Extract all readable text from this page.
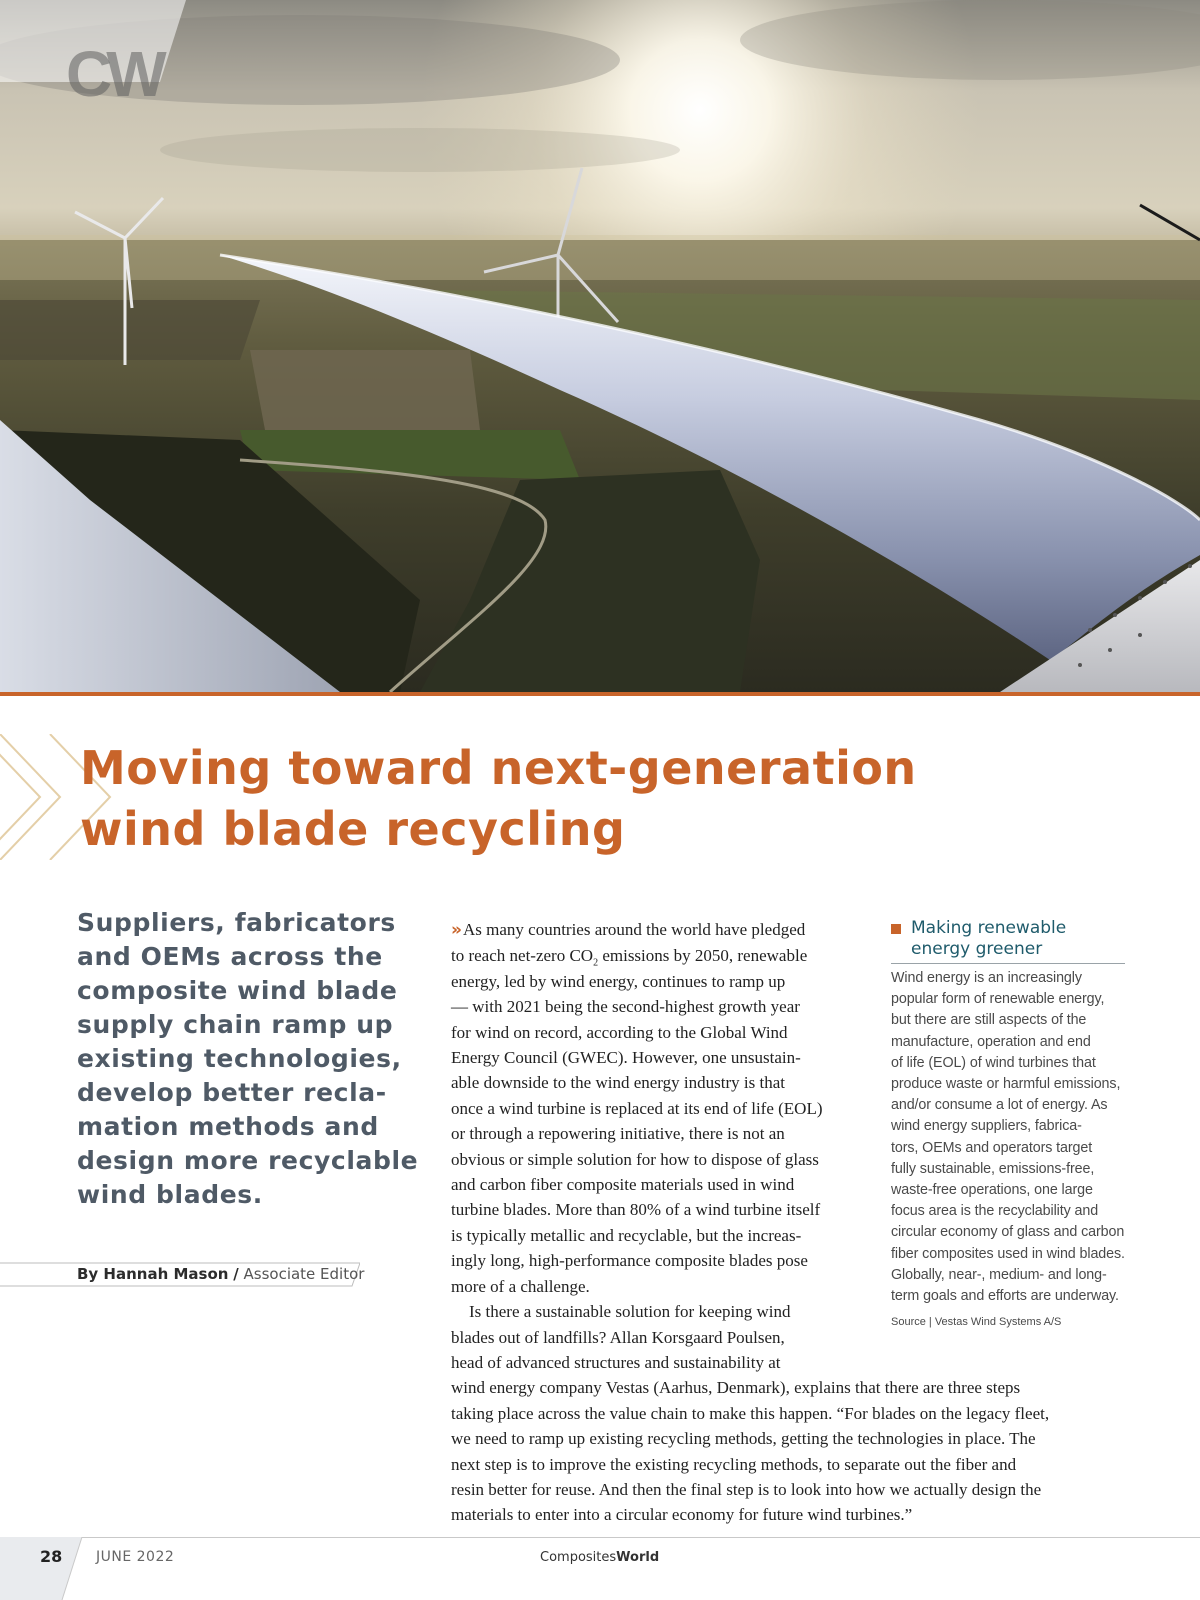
CW
Moving toward next-generation
wind blade recycling
Suppliers, fabricators
and OEMs across the
composite wind blade
supply chain ramp up
existing technologies,
develop better recla-
mation methods and
design more recyclable
wind blades.
By Hannah Mason / Associate Editor
» As many countries around the world have pledged
to reach net-zero $CO_2$ emissions by 2050, renewable
energy, led by wind energy, continues to ramp up
— with 2021 being the second-highest growth year
for wind on record, according to the Global Wind
Energy Council (GWEC). However, one unsustain-
able downside to the wind energy industry is that
once a wind turbine is replaced at its end of life (EOL)
or through a repowering initiative, there is not an
obvious or simple solution for how to dispose of glass
and carbon fiber composite materials used in wind
turbine blades. More than 80% of a wind turbine itself
is typically metallic and recyclable, but the increas-
ingly long, high-performance composite blades pose
more of a challenge.
Is there a sustainable solution for keeping wind
blades out of landfills? Allan Korsgaard Poulsen,
head of advanced structures and sustainability at
wind energy company Vestas (Aarhus, Denmark), explains that there are three steps
taking place across the value chain to make this happen. “For blades on the legacy fleet,
we need to ramp up existing recycling methods, getting the technologies in place. The
next step is to improve the existing recycling methods, to separate out the fiber and
resin better for reuse. And then the final step is to look into how we actually design the
materials to enter into a circular economy for future wind turbines.”
Making renewable
energy greener
Wind energy is an increasingly
popular form of renewable energy,
but there are still aspects of the
manufacture, operation and end
of life (EOL) of wind turbines that
produce waste or harmful emissions,
and/or consume a lot of energy. As
wind energy suppliers, fabrica-
tors, OEMs and operators target
fully sustainable, emissions-free,
waste-free operations, one large
focus area is the recyclability and
circular economy of glass and carbon
fiber composites used in wind blades.
Globally, near-, medium- and long-
term goals and efforts are underway.
Source | Vestas Wind Systems A/S
28 JUNE 2022	CompositesWorld
